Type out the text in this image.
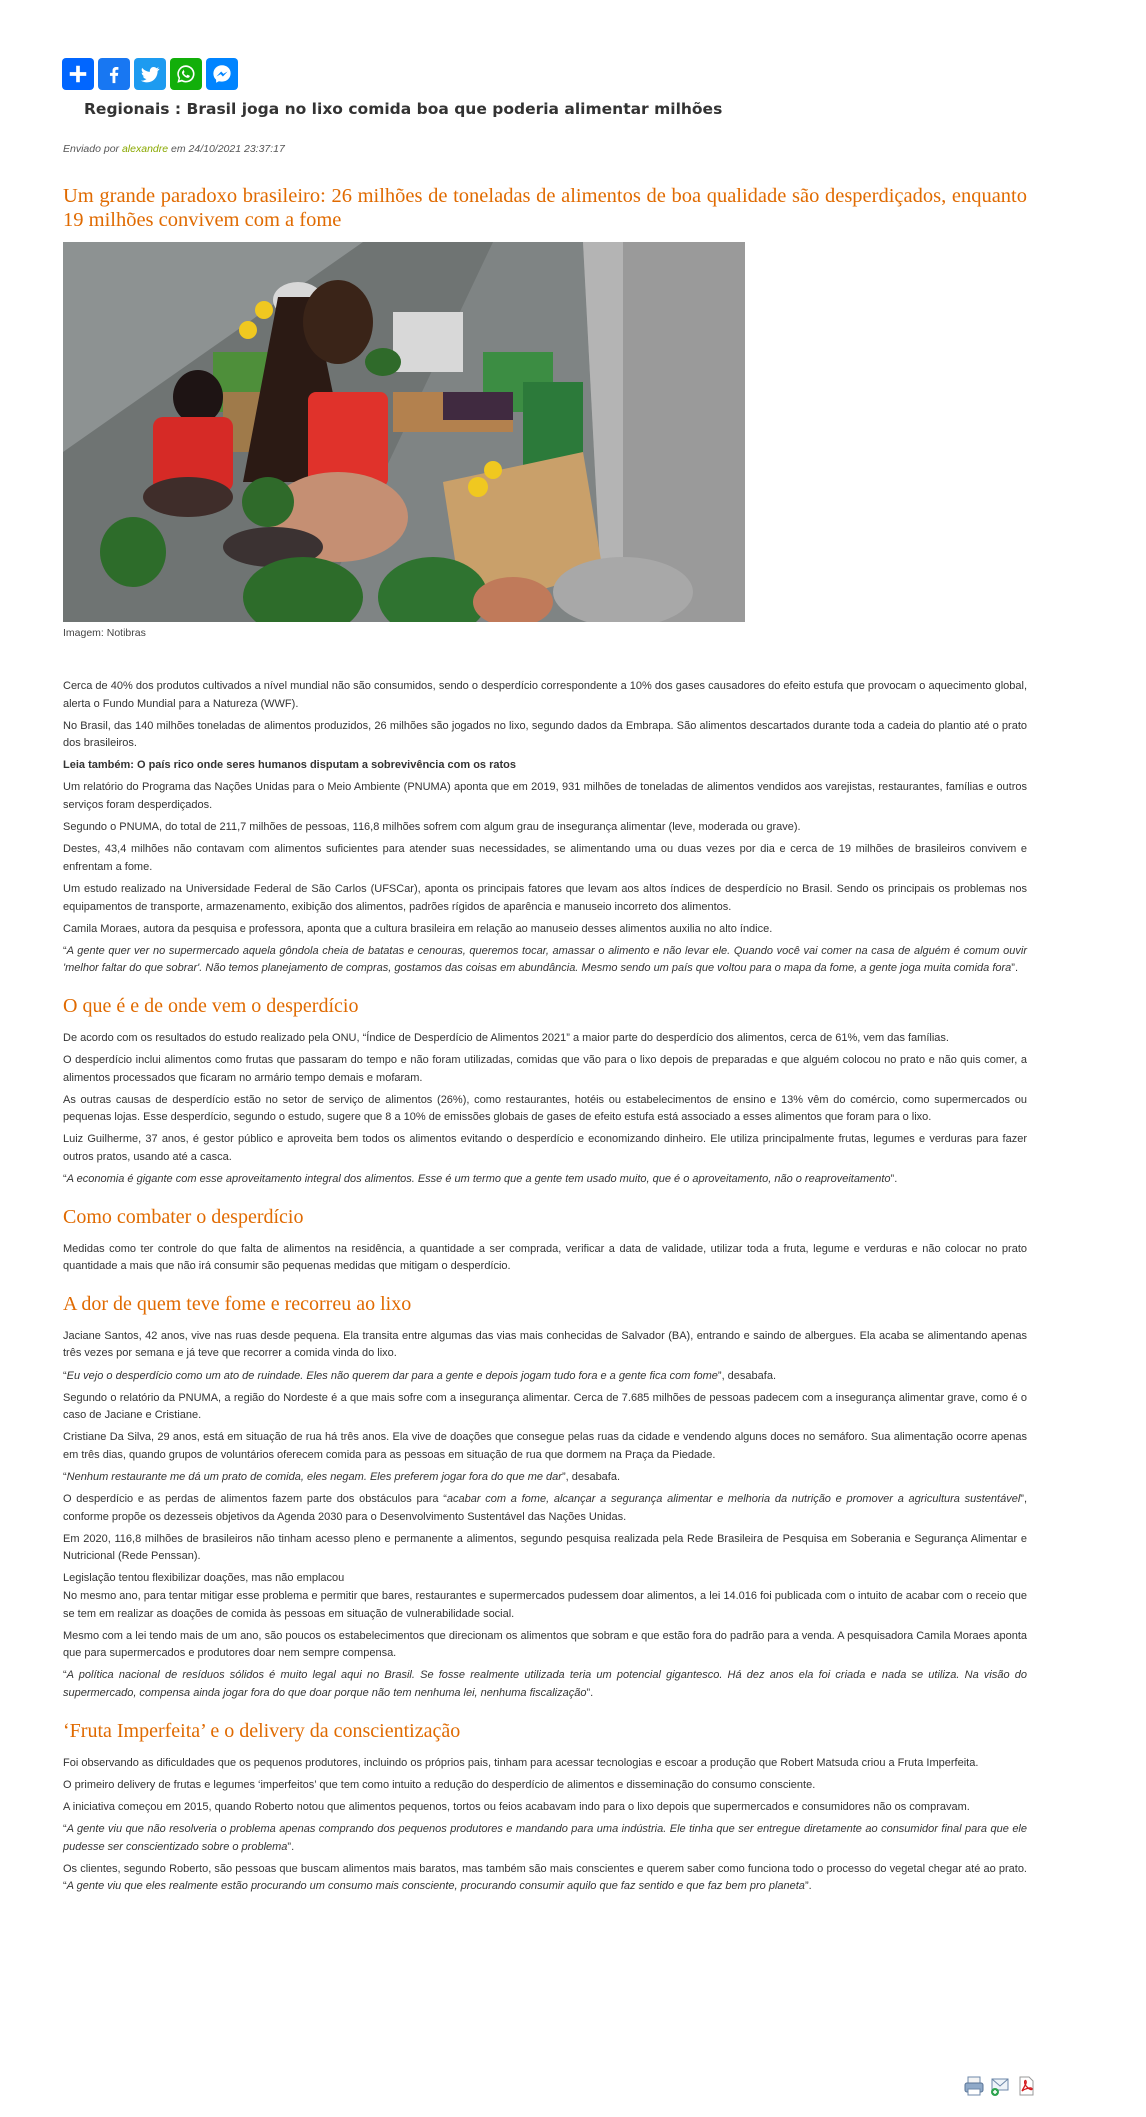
Regionais : Brasil joga no lixo comida boa que poderia alimentar milhões
Enviado por alexandre em 24/10/2021 23:37:17
Um grande paradoxo brasileiro: 26 milhões de toneladas de alimentos de boa qualidade são desperdiçados, enquanto 19 milhões convivem com a fome

Imagem: Notibras

Cerca de 40% dos produtos cultivados a nível mundial não são consumidos, sendo o desperdício correspondente a 10% dos gases causadores do efeito estufa que provocam o aquecimento global, alerta o Fundo Mundial para a Natureza (WWF).

No Brasil, das 140 milhões toneladas de alimentos produzidos, 26 milhões são jogados no lixo, segundo dados da Embrapa. São alimentos descartados durante toda a cadeia do plantio até o prato dos brasileiros.

Leia também: O país rico onde seres humanos disputam a sobrevivência com os ratos

Um relatório do Programa das Nações Unidas para o Meio Ambiente (PNUMA) aponta que em 2019, 931 milhões de toneladas de alimentos vendidos aos varejistas, restaurantes, famílias e outros serviços foram desperdiçados.

Segundo o PNUMA, do total de 211,7 milhões de pessoas, 116,8 milhões sofrem com algum grau de insegurança alimentar (leve, moderada ou grave).

Destes, 43,4 milhões não contavam com alimentos suficientes para atender suas necessidades, se alimentando uma ou duas vezes por dia e cerca de 19 milhões de brasileiros convivem e enfrentam a fome.

Um estudo realizado na Universidade Federal de São Carlos (UFSCar), aponta os principais fatores que levam aos altos índices de desperdício no Brasil. Sendo os principais os problemas nos equipamentos de transporte, armazenamento, exibição dos alimentos, padrões rígidos de aparência e manuseio incorreto dos alimentos.

Camila Moraes, autora da pesquisa e professora, aponta que a cultura brasileira em relação ao manuseio desses alimentos auxilia no alto índice.

“A gente quer ver no supermercado aquela gôndola cheia de batatas e cenouras, queremos tocar, amassar o alimento e não levar ele. Quando você vai comer na casa de alguém é comum ouvir 'melhor faltar do que sobrar'. Não temos planejamento de compras, gostamos das coisas em abundância. Mesmo sendo um país que voltou para o mapa da fome, a gente joga muita comida fora”.

O que é e de onde vem o desperdício

De acordo com os resultados do estudo realizado pela ONU, “Índice de Desperdício de Alimentos 2021” a maior parte do desperdício dos alimentos, cerca de 61%, vem das famílias.

O desperdício inclui alimentos como frutas que passaram do tempo e não foram utilizadas, comidas que vão para o lixo depois de preparadas e que alguém colocou no prato e não quis comer, a alimentos processados que ficaram no armário tempo demais e mofaram.

As outras causas de desperdício estão no setor de serviço de alimentos (26%), como restaurantes, hotéis ou estabelecimentos de ensino e 13% vêm do comércio, como supermercados ou pequenas lojas. Esse desperdício, segundo o estudo, sugere que 8 a 10% de emissões globais de gases de efeito estufa está associado a esses alimentos que foram para o lixo.

Luiz Guilherme, 37 anos, é gestor público e aproveita bem todos os alimentos evitando o desperdício e economizando dinheiro. Ele utiliza principalmente frutas, legumes e verduras para fazer outros pratos, usando até a casca.

“A economia é gigante com esse aproveitamento integral dos alimentos. Esse é um termo que a gente tem usado muito, que é o aproveitamento, não o reaproveitamento”.

Como combater o desperdício

Medidas como ter controle do que falta de alimentos na residência, a quantidade a ser comprada, verificar a data de validade, utilizar toda a fruta, legume e verduras e não colocar no prato quantidade a mais que não irá consumir são pequenas medidas que mitigam o desperdício.

A dor de quem teve fome e recorreu ao lixo

Jaciane Santos, 42 anos, vive nas ruas desde pequena. Ela transita entre algumas das vias mais conhecidas de Salvador (BA), entrando e saindo de albergues. Ela acaba se alimentando apenas três vezes por semana e já teve que recorrer a comida vinda do lixo.

“Eu vejo o desperdício como um ato de ruindade. Eles não querem dar para a gente e depois jogam tudo fora e a gente fica com fome”, desabafa.

Segundo o relatório da PNUMA, a região do Nordeste é a que mais sofre com a insegurança alimentar. Cerca de 7.685 milhões de pessoas padecem com a insegurança alimentar grave, como é o caso de Jaciane e Cristiane.

Cristiane Da Silva, 29 anos, está em situação de rua há três anos. Ela vive de doações que consegue pelas ruas da cidade e vendendo alguns doces no semáforo. Sua alimentação ocorre apenas em três dias, quando grupos de voluntários oferecem comida para as pessoas em situação de rua que dormem na Praça da Piedade.

“Nenhum restaurante me dá um prato de comida, eles negam. Eles preferem jogar fora do que me dar”, desabafa.

O desperdício e as perdas de alimentos fazem parte dos obstáculos para “acabar com a fome, alcançar a segurança alimentar e melhoria da nutrição e promover a agricultura sustentável”, conforme propõe os dezesseis objetivos da Agenda 2030 para o Desenvolvimento Sustentável das Nações Unidas.

Em 2020, 116,8 milhões de brasileiros não tinham acesso pleno e permanente a alimentos, segundo pesquisa realizada pela Rede Brasileira de Pesquisa em Soberania e Segurança Alimentar e Nutricional (Rede Penssan).

Legislação tentou flexibilizar doações, mas não emplacou

No mesmo ano, para tentar mitigar esse problema e permitir que bares, restaurantes e supermercados pudessem doar alimentos, a lei 14.016 foi publicada com o intuito de acabar com o receio que se tem em realizar as doações de comida às pessoas em situação de vulnerabilidade social.

Mesmo com a lei tendo mais de um ano, são poucos os estabelecimentos que direcionam os alimentos que sobram e que estão fora do padrão para a venda. A pesquisadora Camila Moraes aponta que para supermercados e produtores doar nem sempre compensa.

“A política nacional de resíduos sólidos é muito legal aqui no Brasil. Se fosse realmente utilizada teria um potencial gigantesco. Há dez anos ela foi criada e nada se utiliza. Na visão do supermercado, compensa ainda jogar fora do que doar porque não tem nenhuma lei, nenhuma fiscalização”.

‘Fruta Imperfeita’ e o delivery da conscientização

Foi observando as dificuldades que os pequenos produtores, incluindo os próprios pais, tinham para acessar tecnologias e escoar a produção que Robert Matsuda criou a Fruta Imperfeita.

O primeiro delivery de frutas e legumes ‘imperfeitos’ que tem como intuito a redução do desperdício de alimentos e disseminação do consumo consciente.

A iniciativa começou em 2015, quando Roberto notou que alimentos pequenos, tortos ou feios acabavam indo para o lixo depois que supermercados e consumidores não os compravam.

“A gente viu que não resolveria o problema apenas comprando dos pequenos produtores e mandando para uma indústria. Ele tinha que ser entregue diretamente ao consumidor final para que ele pudesse ser conscientizado sobre o problema”.

Os clientes, segundo Roberto, são pessoas que buscam alimentos mais baratos, mas também são mais conscientes e querem saber como funciona todo o processo do vegetal chegar até ao prato. “A gente viu que eles realmente estão procurando um consumo mais consciente, procurando consumir aquilo que faz sentido e que faz bem pro planeta”.
